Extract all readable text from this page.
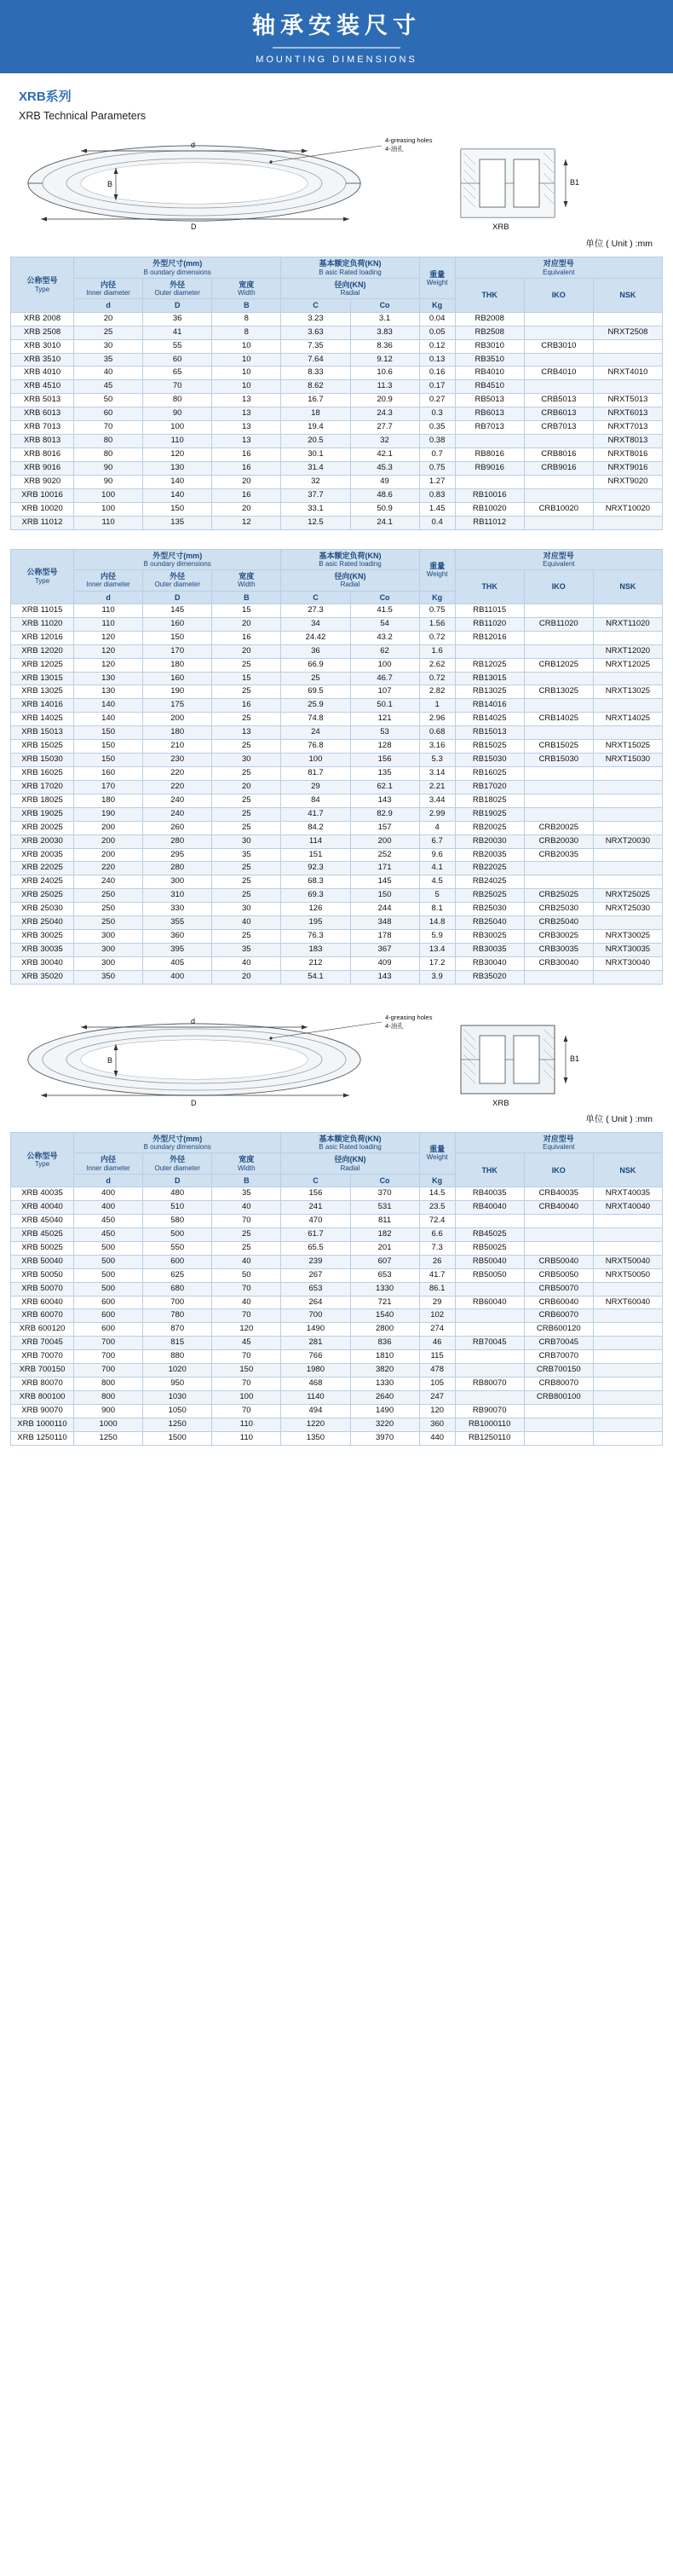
轴承安装尺寸
MOUNTING DIMENSIONS
XRB系列
XRB Technical Parameters
d
B
D
4-greasing holes
4-油孔
B1
XRB
单位 ( Unit ) :mm
公称型号
Type	外型尺寸(mm)
B oundary dimensions			基本额定负荷(KN)
B asic Rated loading		重量
Weight	对应型号
Equivalent		

	内径
Inner diameter	外径
Outer diameter	宽度
Width	径向(KN)
Radial			THK	IKO	NSK
	d	D	B	C	Co	Kg			
XRB 2008	20	36	8	3.23	3.1	0.04	RB2008		
XRB 2508	25	41	8	3.63	3.83	0.05	RB2508		NRXT2508
XRB 3010	30	55	10	7.35	8.36	0.12	RB3010	CRB3010	
XRB 3510	35	60	10	7.64	9.12	0.13	RB3510		
XRB 4010	40	65	10	8.33	10.6	0.16	RB4010	CRB4010	NRXT4010
XRB 4510	45	70	10	8.62	11.3	0.17	RB4510		
XRB 5013	50	80	13	16.7	20.9	0.27	RB5013	CRB5013	NRXT5013
XRB 6013	60	90	13	18	24.3	0.3	RB6013	CRB6013	NRXT6013
XRB 7013	70	100	13	19.4	27.7	0.35	RB7013	CRB7013	NRXT7013
XRB 8013	80	110	13	20.5	32	0.38			NRXT8013
XRB 8016	80	120	16	30.1	42.1	0.7	RB8016	CRB8016	NRXT8016
XRB 9016	90	130	16	31.4	45.3	0.75	RB9016	CRB9016	NRXT9016
XRB 9020	90	140	20	32	49	1.27			NRXT9020
XRB 10016	100	140	16	37.7	48.6	0.83	RB10016		
XRB 10020	100	150	20	33.1	50.9	1.45	RB10020	CRB10020	NRXT10020
XRB 11012	110	135	12	12.5	24.1	0.4	RB11012		
公称型号
Type	外型尺寸(mm)
B oundary dimensions			基本额定负荷(KN)
B asic Rated loading		重量
Weight	对应型号
Equivalent		

	内径
Inner diameter	外径
Outer diameter	宽度
Width	径向(KN)
Radial			THK	IKO	NSK
	d	D	B	C	Co	Kg			
XRB 11015	110	145	15	27.3	41.5	0.75	RB11015		
XRB 11020	110	160	20	34	54	1.56	RB11020	CRB11020	NRXT11020
XRB 12016	120	150	16	24.42	43.2	0.72	RB12016		
XRB 12020	120	170	20	36	62	1.6			NRXT12020
XRB 12025	120	180	25	66.9	100	2.62	RB12025	CRB12025	NRXT12025
XRB 13015	130	160	15	25	46.7	0.72	RB13015		
XRB 13025	130	190	25	69.5	107	2.82	RB13025	CRB13025	NRXT13025
XRB 14016	140	175	16	25.9	50.1	1	RB14016		
XRB 14025	140	200	25	74.8	121	2.96	RB14025	CRB14025	NRXT14025
XRB 15013	150	180	13	24	53	0.68	RB15013		
XRB 15025	150	210	25	76.8	128	3.16	RB15025	CRB15025	NRXT15025
XRB 15030	150	230	30	100	156	5.3	RB15030	CRB15030	NRXT15030
XRB 16025	160	220	25	81.7	135	3.14	RB16025		
XRB 17020	170	220	20	29	62.1	2.21	RB17020		
XRB 18025	180	240	25	84	143	3.44	RB18025		
XRB 19025	190	240	25	41.7	82.9	2.99	RB19025		
XRB 20025	200	260	25	84.2	157	4	RB20025	CRB20025	
XRB 20030	200	280	30	114	200	6.7	RB20030	CRB20030	NRXT20030
XRB 20035	200	295	35	151	252	9.6	RB20035	CRB20035	
XRB 22025	220	280	25	92.3	171	4.1	RB22025		
XRB 24025	240	300	25	68.3	145	4.5	RB24025		
XRB 25025	250	310	25	69.3	150	5	RB25025	CRB25025	NRXT25025
XRB 25030	250	330	30	126	244	8.1	RB25030	CRB25030	NRXT25030
XRB 25040	250	355	40	195	348	14.8	RB25040	CRB25040	
XRB 30025	300	360	25	76.3	178	5.9	RB30025	CRB30025	NRXT30025
XRB 30035	300	395	35	183	367	13.4	RB30035	CRB30035	NRXT30035
XRB 30040	300	405	40	212	409	17.2	RB30040	CRB30040	NRXT30040
XRB 35020	350	400	20	54.1	143	3.9	RB35020		
d
B
D
4-greasing holes
4-油孔
B1
XRB
单位 ( Unit ) :mm
公称型号
Type	外型尺寸(mm)
B oundary dimensions			基本额定负荷(KN)
B asic Rated loading		重量
Weight	对应型号
Equivalent		

	内径
Inner diameter	外径
Outer diameter	宽度
Width	径向(KN)
Radial			THK	IKO	NSK
	d	D	B	C	Co	Kg			
XRB 40035	400	480	35	156	370	14.5	RB40035	CRB40035	NRXT40035
XRB 40040	400	510	40	241	531	23.5	RB40040	CRB40040	NRXT40040
XRB 45040	450	580	70	470	811	72.4			
XRB 45025	450	500	25	61.7	182	6.6	RB45025		
XRB 50025	500	550	25	65.5	201	7.3	RB50025		
XRB 50040	500	600	40	239	607	26	RB50040	CRB50040	NRXT50040
XRB 50050	500	625	50	267	653	41.7	RB50050	CRB50050	NRXT50050
XRB 50070	500	680	70	653	1330	86.1		CRB50070	
XRB 60040	600	700	40	264	721	29	RB60040	CRB60040	NRXT60040
XRB 60070	600	780	70	700	1540	102		CRB60070	
XRB 600120	600	870	120	1490	2800	274		CRB600120	
XRB 70045	700	815	45	281	836	46	RB70045	CRB70045	
XRB 70070	700	880	70	766	1810	115		CRB70070	
XRB 700150	700	1020	150	1980	3820	478		CRB700150	
XRB 80070	800	950	70	468	1330	105	RB80070	CRB80070	
XRB 800100	800	1030	100	1140	2640	247		CRB800100	
XRB 90070	900	1050	70	494	1490	120	RB90070		
XRB 1000110	1000	1250	110	1220	3220	360	RB1000110		
XRB 1250110	1250	1500	110	1350	3970	440	RB1250110		
